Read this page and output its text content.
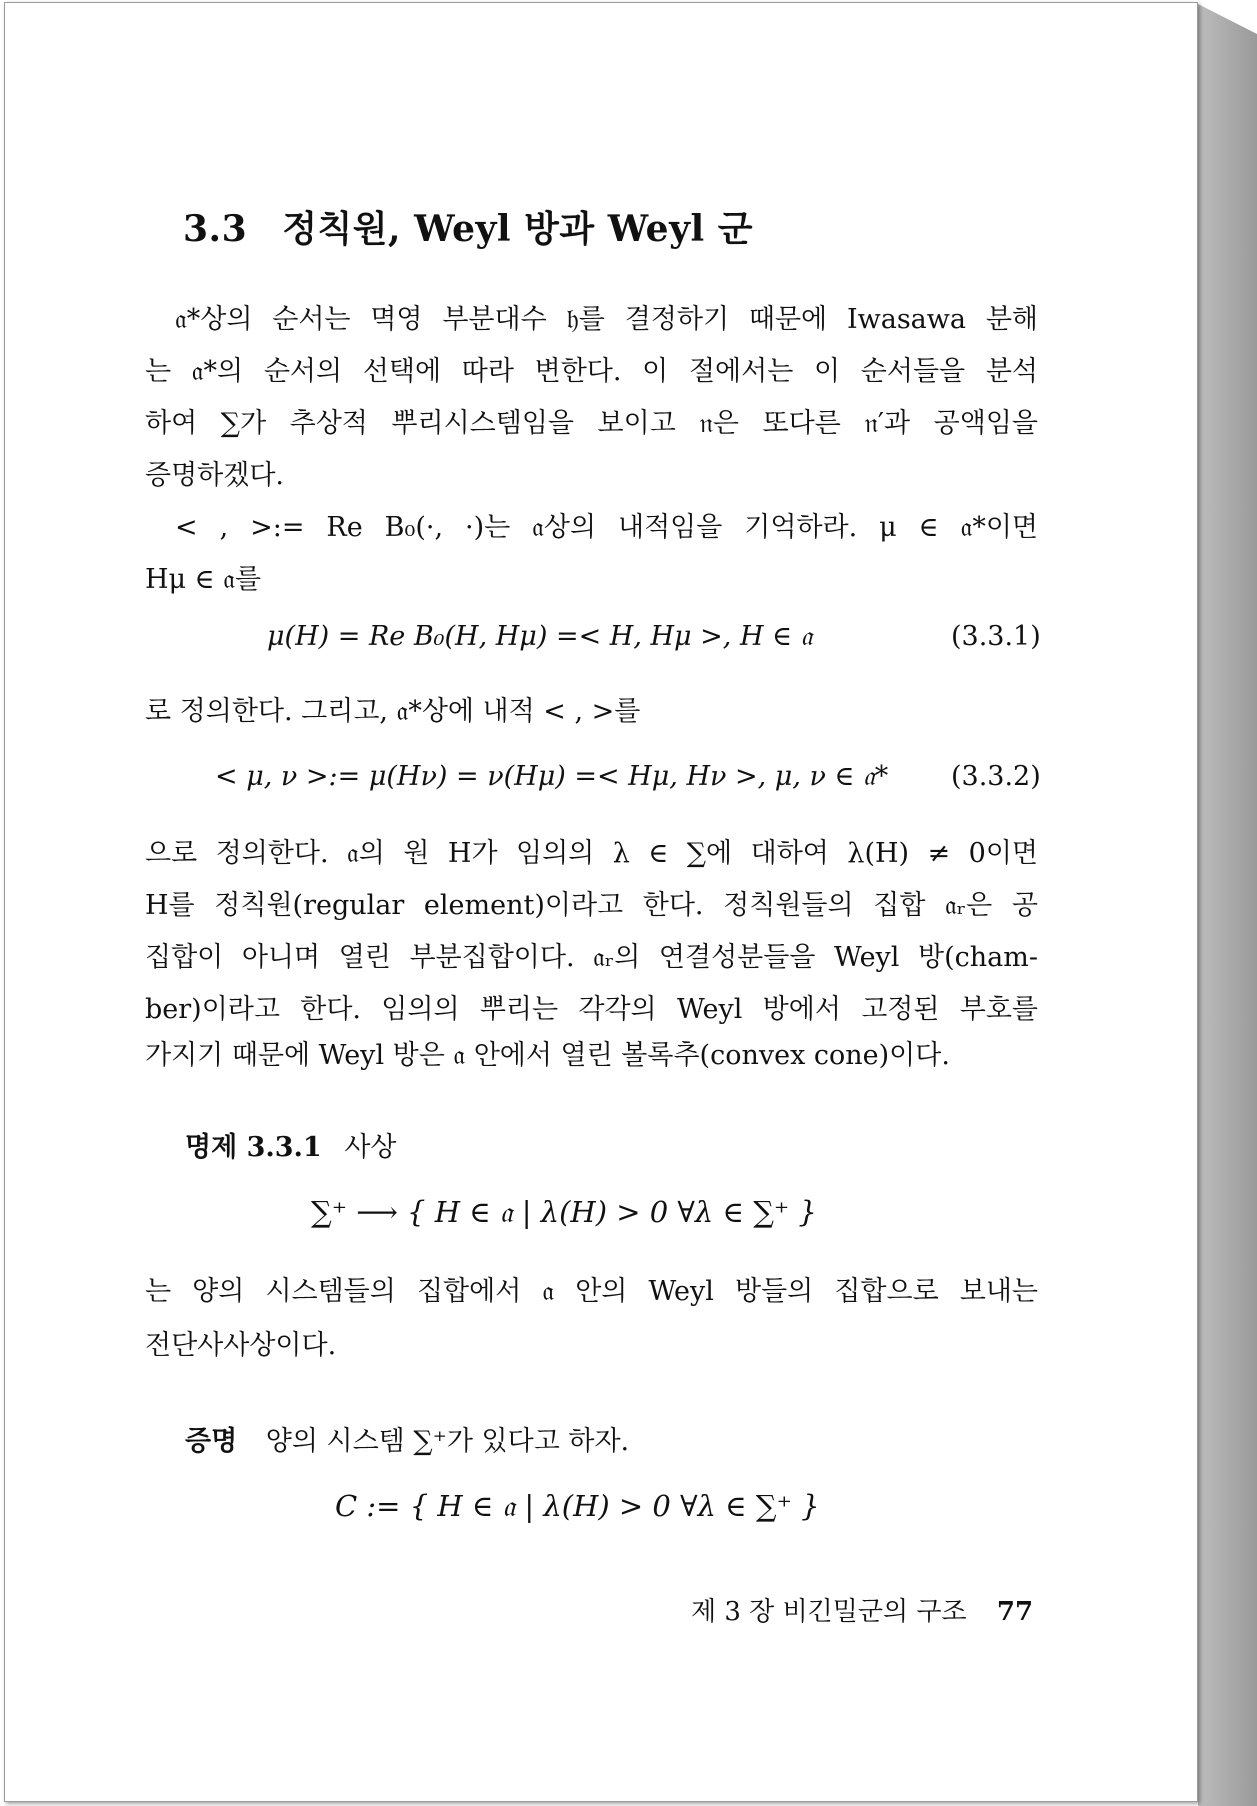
3.3 정칙원, Weyl 방과 Weyl 군
𝔞*상의 순서는 멱영 부분대수 𝔥를 결정하기 때문에 Iwasawa 분해
는 𝔞*의 순서의 선택에 따라 변한다. 이 절에서는 이 순서들을 분석
하여 ∑가 추상적 뿌리시스템임을 보이고 𝔫은 또다른 𝔫′과 공액임을
증명하겠다.
< , >:= Re B₀(·, ·)는 𝔞상의 내적임을 기억하라. μ ∈ 𝔞*이면
Hμ ∈ 𝔞를
μ(H) = Re B₀(H, Hμ) =< H, Hμ >, H ∈ 𝔞	(3.3.1)
로 정의한다. 그리고, 𝔞*상에 내적 < , >를
< μ, ν >:= μ(Hν) = ν(Hμ) =< Hμ, Hν >, μ, ν ∈ 𝔞* (3.3.2)
으로 정의한다. 𝔞의 원 H가 임의의 λ ∈ ∑에 대하여 λ(H) ≠ 0이면
H를 정칙원(regular element)이라고 한다. 정칙원들의 집합 𝔞ᵣ은 공
집합이 아니며 열린 부분집합이다. 𝔞ᵣ의 연결성분들을 Weyl 방(cham-
ber)이라고 한다. 임의의 뿌리는 각각의 Weyl 방에서 고정된 부호를
가지기 때문에 Weyl 방은 𝔞 안에서 열린 볼록추(convex cone)이다.
명제 3.3.1 사상
∑⁺ ⟶ { H ∈ 𝔞 | λ(H) > 0 ∀λ ∈ ∑⁺ }
는 양의 시스템들의 집합에서 𝔞 안의 Weyl 방들의 집합으로 보내는
전단사사상이다.
증명 양의 시스템 ∑⁺가 있다고 하자.
C := { H ∈ 𝔞 | λ(H) > 0 ∀λ ∈ ∑⁺ }
제 3 장 비긴밀군의 구조 77
